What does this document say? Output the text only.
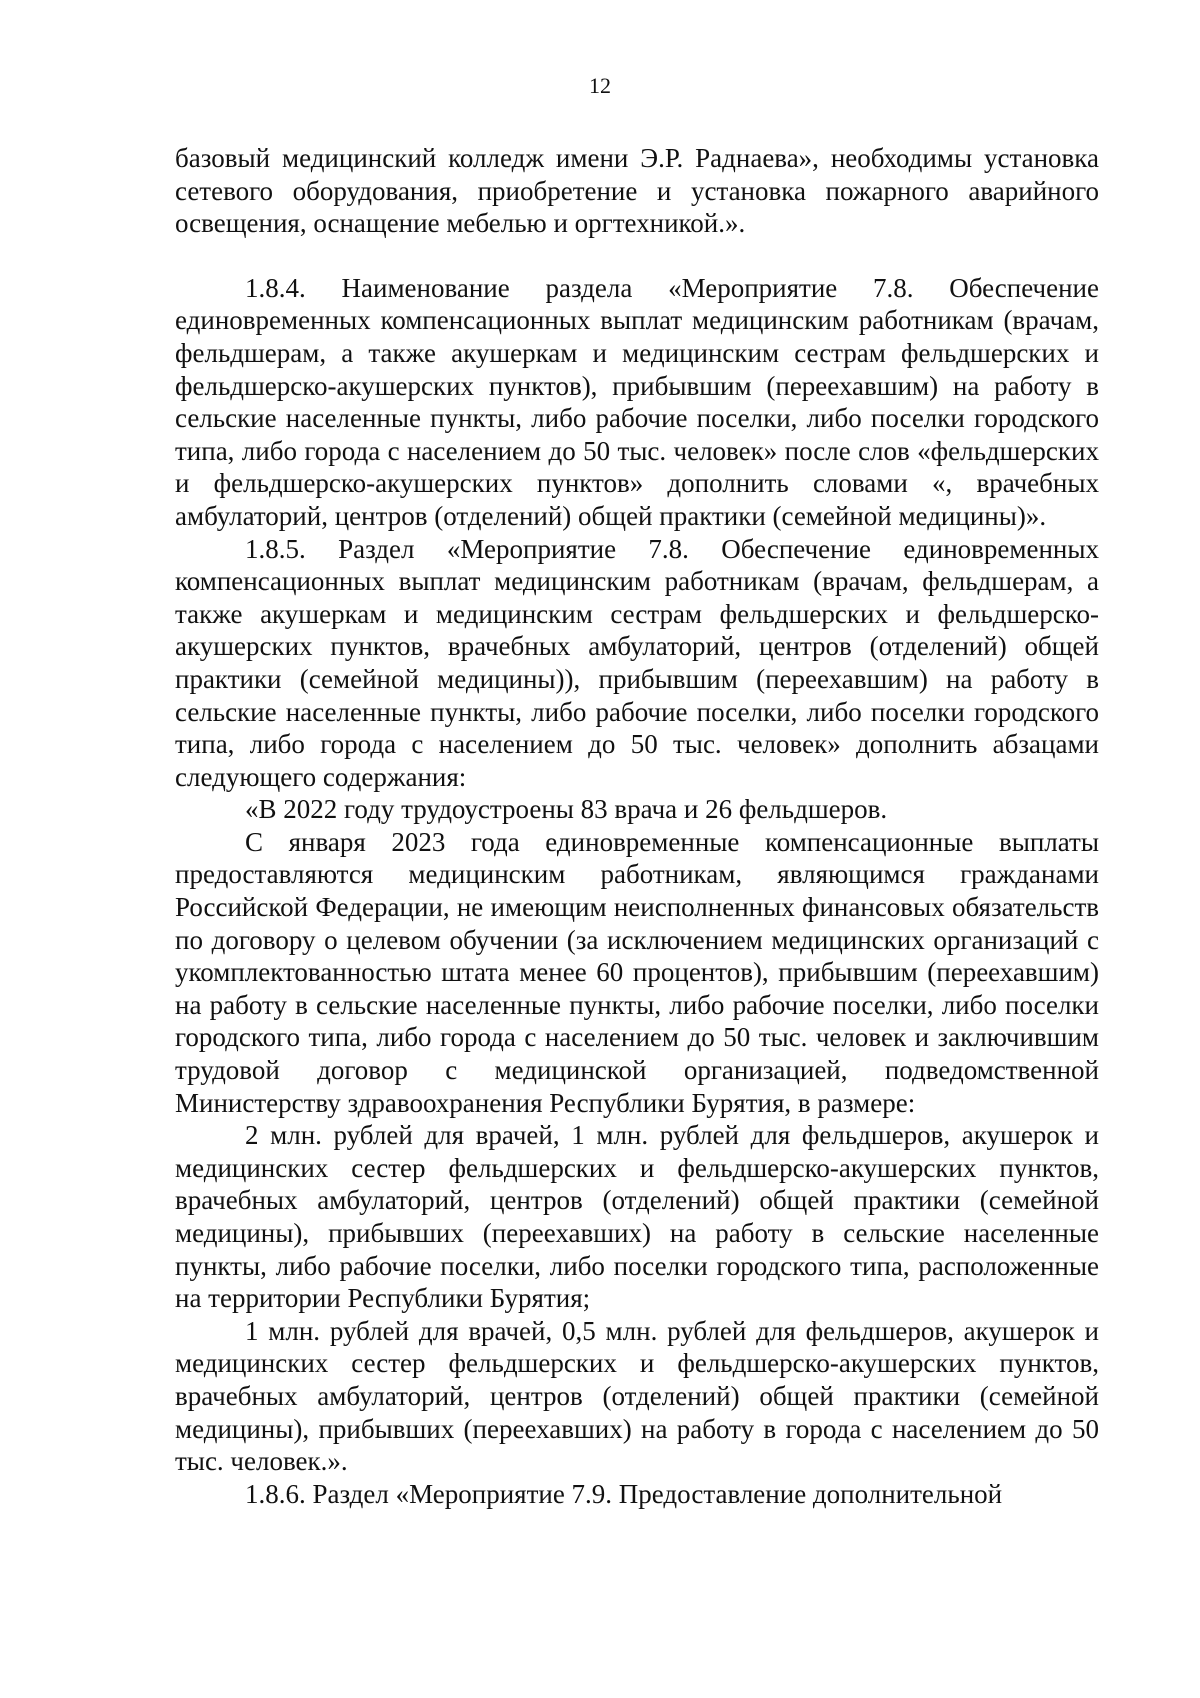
12

базовый медицинский колледж имени Э.Р. Раднаева», необходимы установка сетевого оборудования, приобретение и установка пожарного аварийного освещения, оснащение мебелью и оргтехникой.».

1.8.4. Наименование раздела «Мероприятие 7.8. Обеспечение единовременных компенсационных выплат медицинским работникам (врачам, фельдшерам, а также акушеркам и медицинским сестрам фельдшерских и фельдшерско-акушерских пунктов), прибывшим (переехавшим) на работу в сельские населенные пункты, либо рабочие поселки, либо поселки городского типа, либо города с населением до 50 тыс. человек» после слов «фельдшерских и фельдшерско-акушерских пунктов» дополнить словами «, врачебных амбулаторий, центров (отделений) общей практики (семейной медицины)».

1.8.5. Раздел «Мероприятие 7.8. Обеспечение единовременных компенсационных выплат медицинским работникам (врачам, фельдшерам, а также акушеркам и медицинским сестрам фельдшерских и фельдшерско-акушерских пунктов, врачебных амбулаторий, центров (отделений) общей практики (семейной медицины)), прибывшим (переехавшим) на работу в сельские населенные пункты, либо рабочие поселки, либо поселки городского типа, либо города с населением до 50 тыс. человек» дополнить абзацами следующего содержания:

«В 2022 году трудоустроены 83 врача и 26 фельдшеров.

С января 2023 года единовременные компенсационные выплаты предоставляются медицинским работникам, являющимся гражданами Российской Федерации, не имеющим неисполненных финансовых обязательств по договору о целевом обучении (за исключением медицинских организаций с укомплектованностью штата менее 60 процентов), прибывшим (переехавшим) на работу в сельские населенные пункты, либо рабочие поселки, либо поселки городского типа, либо города с населением до 50 тыс. человек и заключившим трудовой договор с медицинской организацией, подведомственной Министерству здравоохранения Республики Бурятия, в размере:

2 млн. рублей для врачей, 1 млн. рублей для фельдшеров, акушерок и медицинских сестер фельдшерских и фельдшерско-акушерских пунктов, врачебных амбулаторий, центров (отделений) общей практики (семейной медицины), прибывших (переехавших) на работу в сельские населенные пункты, либо рабочие поселки, либо поселки городского типа, расположенные на территории Республики Бурятия;

1 млн. рублей для врачей, 0,5 млн. рублей для фельдшеров, акушерок и медицинских сестер фельдшерских и фельдшерско-акушерских пунктов, врачебных амбулаторий, центров (отделений) общей практики (семейной медицины), прибывших (переехавших) на работу в города с населением до 50 тыс. человек.».

1.8.6. Раздел «Мероприятие 7.9. Предоставление дополнительной
